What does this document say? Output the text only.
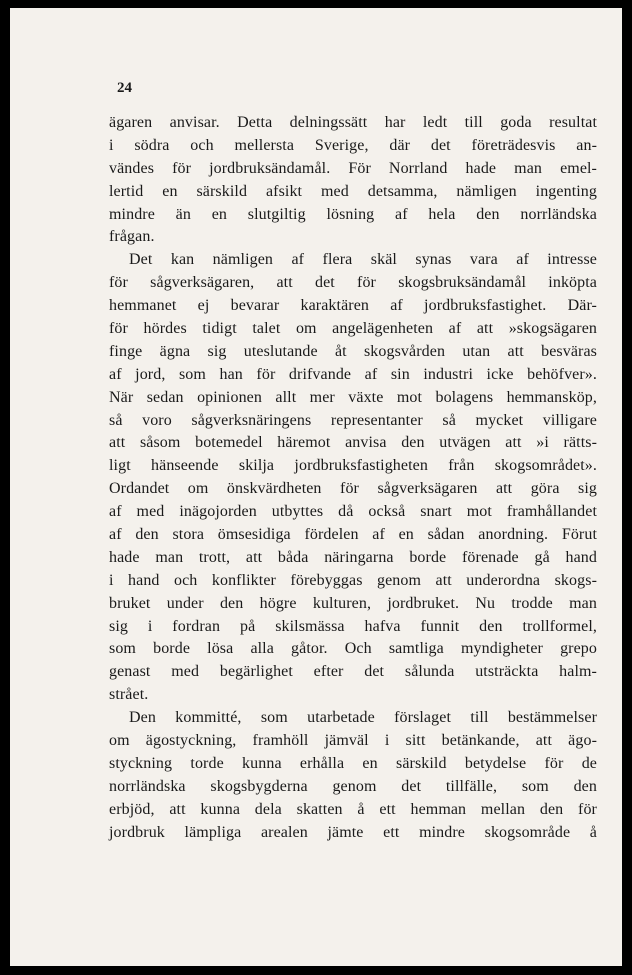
24
ägaren anvisar. Detta delningssätt har ledt till goda resultat
i södra och mellersta Sverige, där det företrädesvis an-
vändes för jordbruksändamål. För Norrland hade man emel-
lertid en särskild afsikt med detsamma, nämligen ingenting
mindre än en slutgiltig lösning af hela den norrländska
frågan.
Det kan nämligen af flera skäl synas vara af intresse
för sågverksägaren, att det för skogsbruksändamål inköpta
hemmanet ej bevarar karaktären af jordbruksfastighet. Där-
för hördes tidigt talet om angelägenheten af att »skogsägaren
finge ägna sig uteslutande åt skogsvården utan att besväras
af jord, som han för drifvande af sin industri icke behöfver».
När sedan opinionen allt mer växte mot bolagens hemmansköp,
så voro sågverksnäringens representanter så mycket villigare
att såsom botemedel häremot anvisa den utvägen att »i rätts-
ligt hänseende skilja jordbruksfastigheten från skogsområdet».
Ordandet om önskvärdheten för sågverksägaren att göra sig
af med inägojorden utbyttes då också snart mot framhållandet
af den stora ömsesidiga fördelen af en sådan anordning. Förut
hade man trott, att båda näringarna borde förenade gå hand
i hand och konflikter förebyggas genom att underordna skogs-
bruket under den högre kulturen, jordbruket. Nu trodde man
sig i fordran på skilsmässa hafva funnit den trollformel,
som borde lösa alla gåtor. Och samtliga myndigheter grepo
genast med begärlighet efter det sålunda utsträckta halm-
strået.
Den kommitté, som utarbetade förslaget till bestämmelser
om ägostyckning, framhöll jämväl i sitt betänkande, att ägo-
styckning torde kunna erhålla en särskild betydelse för de
norrländska skogsbygderna genom det tillfälle, som den
erbjöd, att kunna dela skatten å ett hemman mellan den för
jordbruk lämpliga arealen jämte ett mindre skogsområde å
